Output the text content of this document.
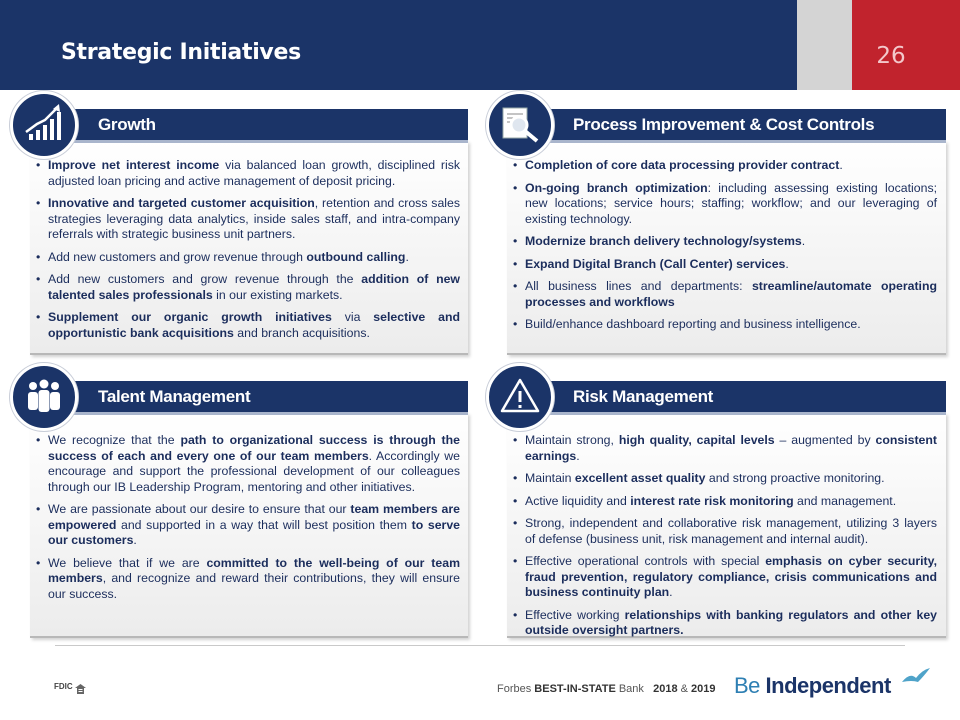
Strategic Initiatives	26
Growth
• Improve net interest income via balanced loan growth, disciplined risk adjusted loan pricing and active management of deposit pricing.
• Innovative and targeted customer acquisition, retention and cross sales strategies leveraging data analytics, inside sales staff, and intra-company referrals with strategic business unit partners.
• Add new customers and grow revenue through outbound calling.
• Add new customers and grow revenue through the addition of new talented sales professionals in our existing markets.
• Supplement our organic growth initiatives via selective and opportunistic bank acquisitions and branch acquisitions.
Process Improvement & Cost Controls
• Completion of core data processing provider contract.
• On-going branch optimization: including assessing existing locations; new locations; service hours; staffing; workflow; and our leveraging of existing technology.
• Modernize branch delivery technology/systems.
• Expand Digital Branch (Call Center) services.
• All business lines and departments: streamline/automate operating processes and workflows
• Build/enhance dashboard reporting and business intelligence.
Talent Management
• We recognize that the path to organizational success is through the success of each and every one of our team members. Accordingly we encourage and support the professional development of our colleagues through our IB Leadership Program, mentoring and other initiatives.
• We are passionate about our desire to ensure that our team members are empowered and supported in a way that will best position them to serve our customers.
• We believe that if we are committed to the well-being of our team members, and recognize and reward their contributions, they will ensure our success.
Risk Management
• Maintain strong, high quality, capital levels – augmented by consistent earnings.
• Maintain excellent asset quality and strong proactive monitoring.
• Active liquidity and interest rate risk monitoring and management.
• Strong, independent and collaborative risk management, utilizing 3 layers of defense (business unit, risk management and internal audit).
• Effective operational controls with special emphasis on cyber security, fraud prevention, regulatory compliance, crisis communications and business continuity plan.
• Effective working relationships with banking regulators and other key outside oversight partners.
FDIC	Forbes BEST-IN-STATE Bank 2018 & 2019 Be Independent
